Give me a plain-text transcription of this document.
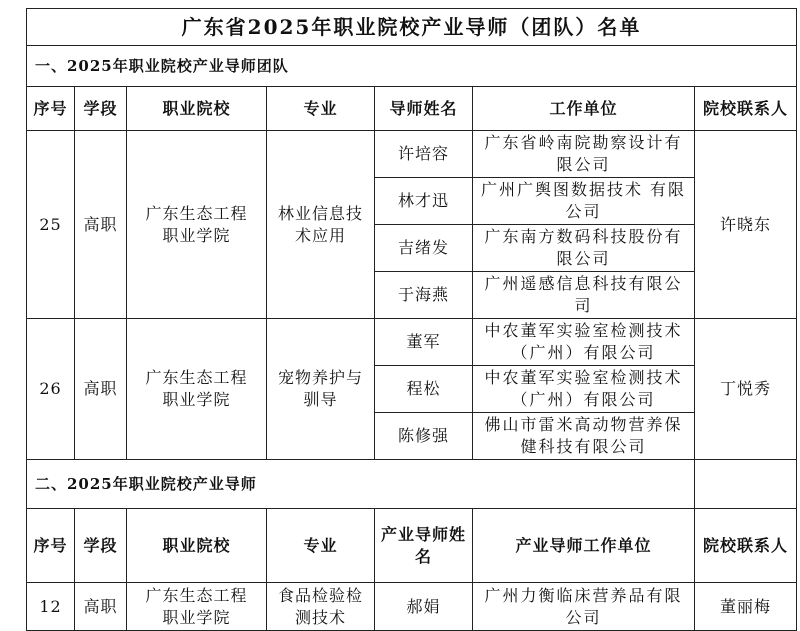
广东省2025年职业院校产业导师（团队）名单						
一、2025年职业院校产业导师团队						
序号	学段	职业院校	专业	导师姓名	工作单位	院校联系人
25	高职	广东生态工程职业学院	林业信息技术应用	许培容	广东省岭南院勘察设计有限公司	许晓东
				林才迅	广州广舆图数据技术 有限公司	
				吉绪发	广东南方数码科技股份有限公司	
				于海燕	广州遥感信息科技有限公司	
26	高职	广东生态工程职业学院	宠物养护与驯导	董军	中农董军实验室检测技术（广州）有限公司	丁悦秀
				程松	中农董军实验室检测技术（广州）有限公司	
				陈修强	佛山市雷米高动物营养保健科技有限公司	
二、2025年职业院校产业导师						
序号	学段	职业院校	专业	产业导师姓名	产业导师工作单位	院校联系人
12	高职	广东生态工程职业学院	食品检验检测技术	郝娟	广州力衡临床营养品有限公司	董丽梅
